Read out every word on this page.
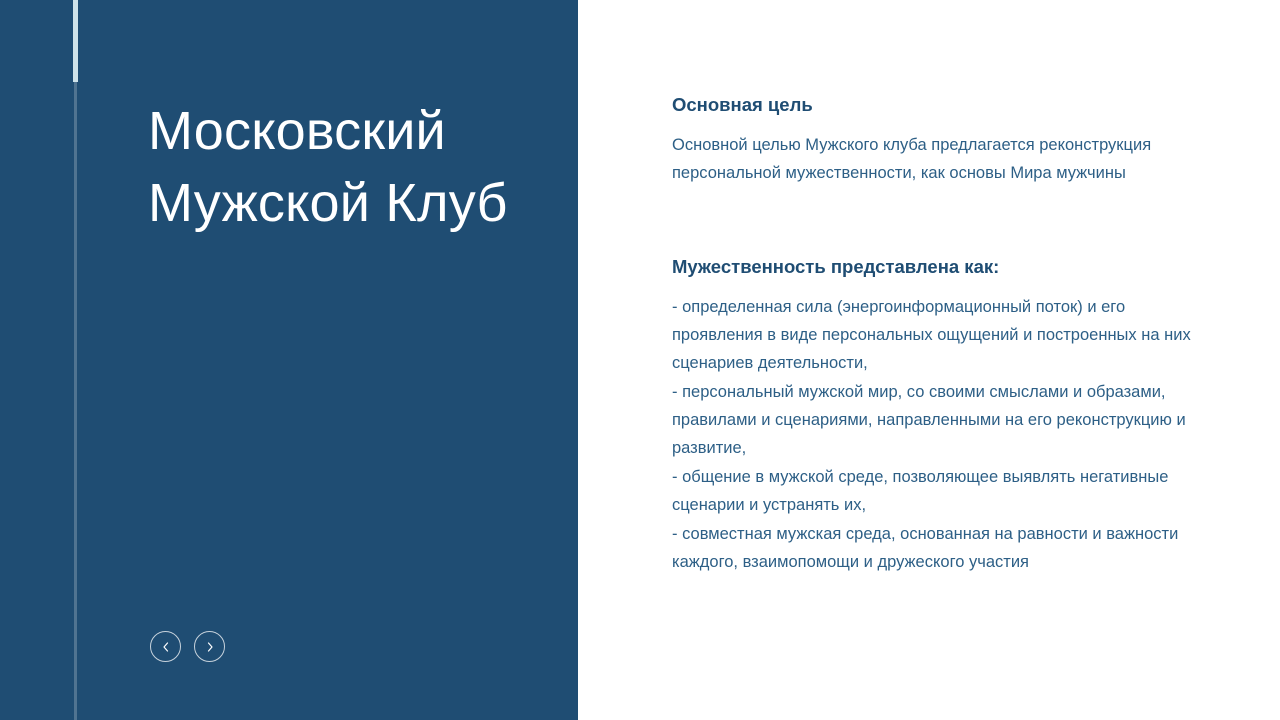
Московский Мужской Клуб
Основная цель

Основной целью Мужского клуба предлагается реконструкция персональной мужественности, как основы Мира мужчины

Мужественность представлена как:

- определенная сила (энергоинформационный поток) и его проявления в виде персональных ощущений и построенных на них сценариев деятельности,

- персональный мужской мир, со своими смыслами и образами, правилами и сценариями, направленными на его реконструкцию и развитие,

- общение в мужской среде, позволяющее выявлять негативные сценарии и устранять их,

- совместная мужская среда, основанная на равности и важности каждого, взаимопомощи и дружеского участия
